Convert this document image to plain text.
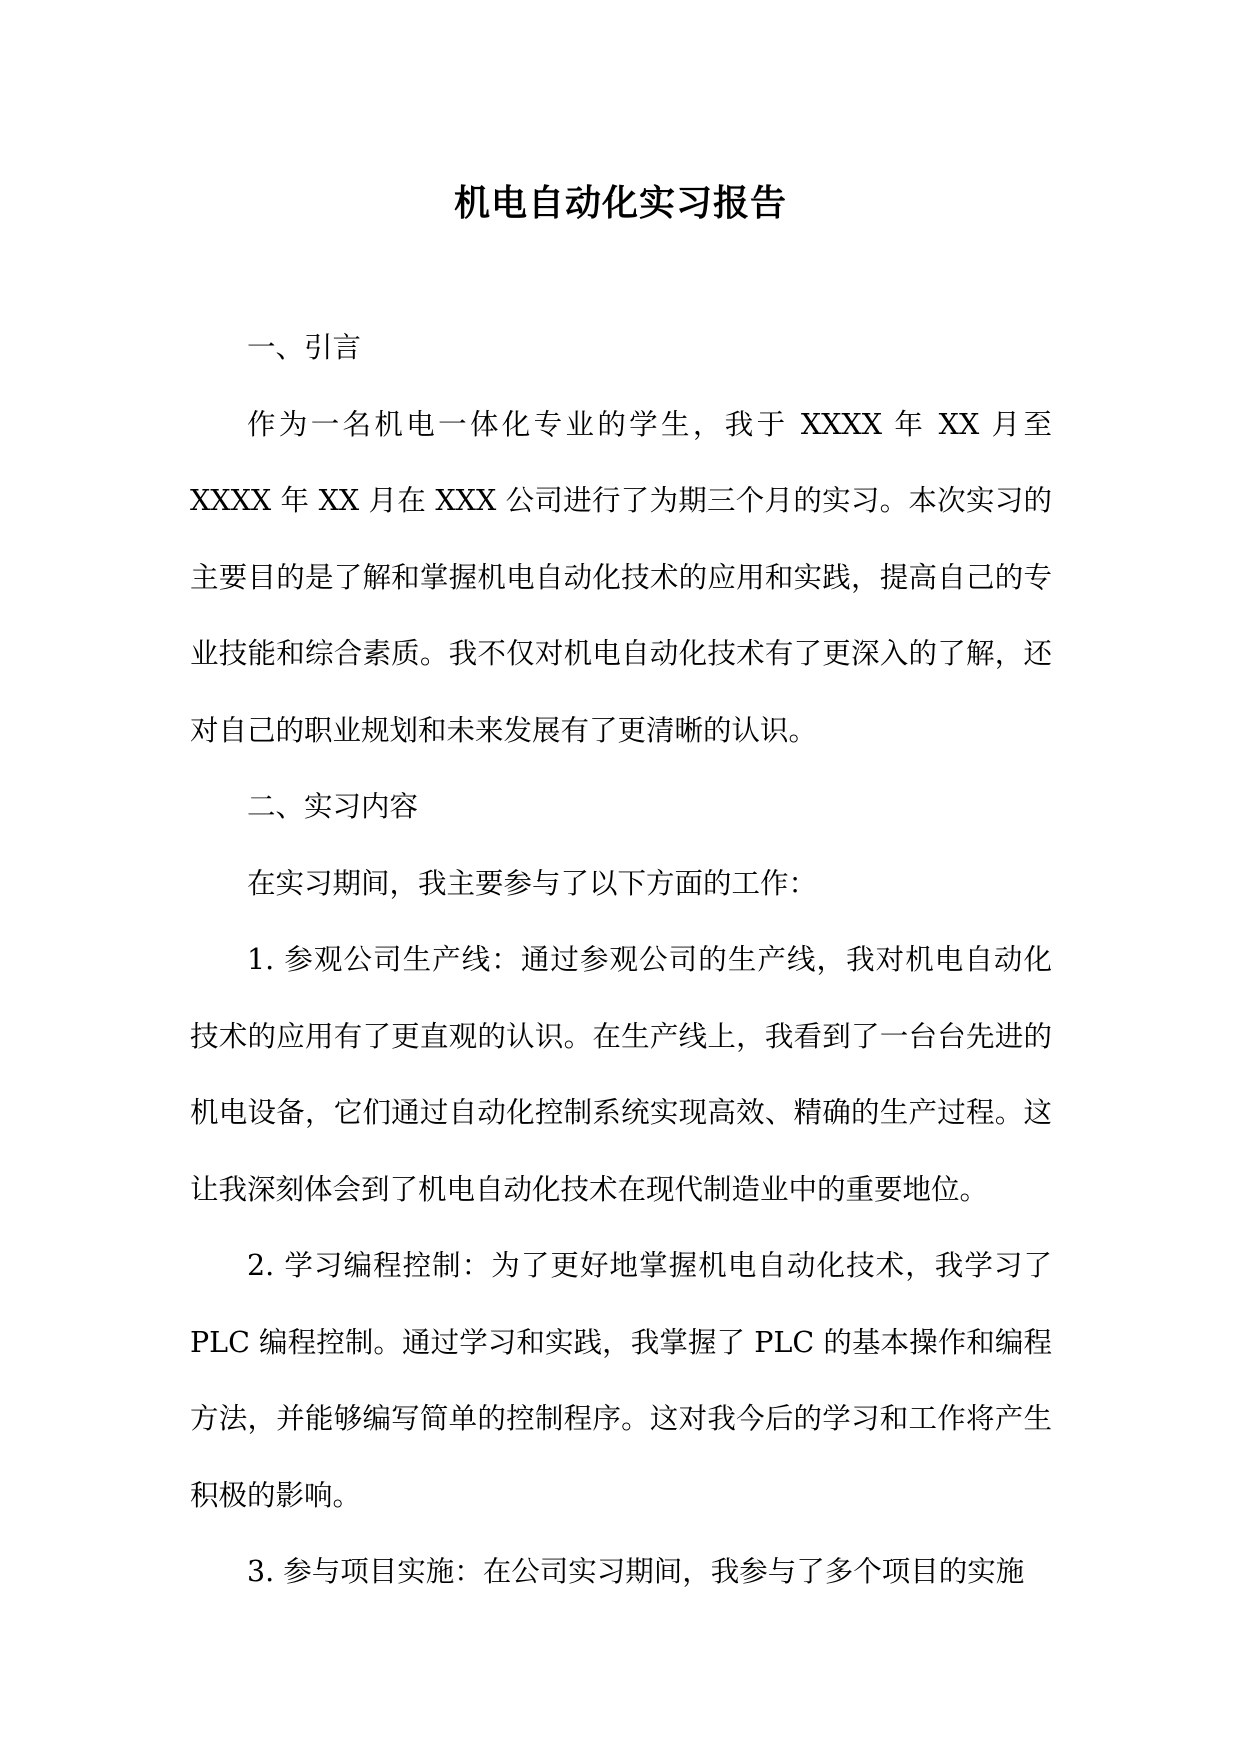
机电自动化实习报告

一、引言

作为一名机电一体化专业的学生，我于 XXXX 年 XX 月至 XXXX 年 XX 月在 XXX 公司进行了为期三个月的实习。本次实习的主要目的是了解和掌握机电自动化技术的应用和实践，提高自己的专业技能和综合素质。我不仅对机电自动化技术有了更深入的了解，还对自己的职业规划和未来发展有了更清晰的认识。

二、实习内容

在实习期间，我主要参与了以下方面的工作：

1. 参观公司生产线：通过参观公司的生产线，我对机电自动化技术的应用有了更直观的认识。在生产线上，我看到了一台台先进的机电设备，它们通过自动化控制系统实现高效、精确的生产过程。这让我深刻体会到了机电自动化技术在现代制造业中的重要地位。

2. 学习编程控制：为了更好地掌握机电自动化技术，我学习了 PLC 编程控制。通过学习和实践，我掌握了 PLC 的基本操作和编程方法，并能够编写简单的控制程序。这对我今后的学习和工作将产生积极的影响。

3. 参与项目实施：在公司实习期间，我参与了多个项目的实施
